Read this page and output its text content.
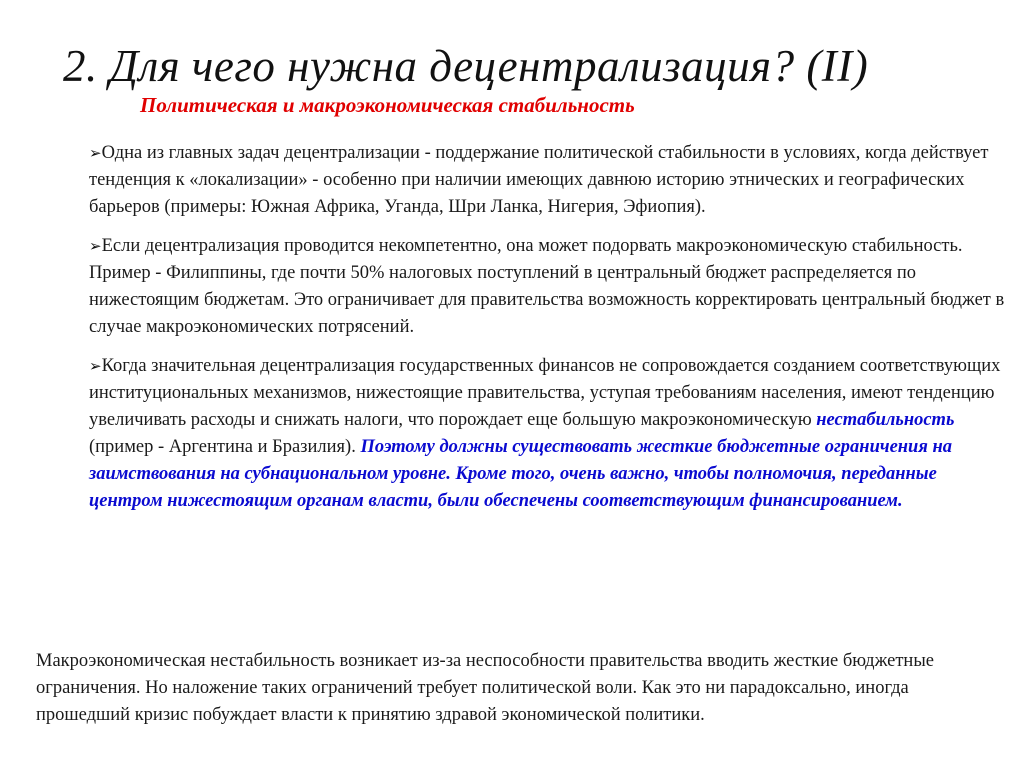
2. Для чего нужна децентрализация? (II)
Политическая и макроэкономическая стабильность

➢Одна из главных задач децентрализации - поддержание политической стабильности в условиях, когда действует тенденция к «локализации» - особенно при наличии имеющих давнюю историю этнических и географических барьеров (примеры: Южная Африка, Уганда, Шри Ланка, Нигерия, Эфиопия).

➢Если децентрализация проводится некомпетентно, она может подорвать макроэкономическую стабильность. Пример - Филиппины, где почти 50% налоговых поступлений в центральный бюджет распределяется по нижестоящим бюджетам. Это ограничивает для правительства возможность корректировать центральный бюджет в случае макроэкономических потрясений.

➢Когда значительная децентрализация государственных финансов не сопровождается созданием соответствующих институциональных механизмов, нижестоящие правительства, уступая требованиям населения, имеют тенденцию увеличивать расходы и снижать налоги, что порождает еще большую макроэкономическую нестабильность (пример - Аргентина и Бразилия). Поэтому должны существовать жесткие бюджетные ограничения на заимствования на субнациональном уровне. Кроме того, очень важно, чтобы полномочия, переданные центром нижестоящим органам власти, были обеспечены соответствующим финансированием.

Макроэкономическая нестабильность возникает из-за неспособности правительства вводить жесткие бюджетные ограничения. Но наложение таких ограничений требует политической воли. Как это ни парадоксально, иногда прошедший кризис побуждает власти к принятию здравой экономической политики.
